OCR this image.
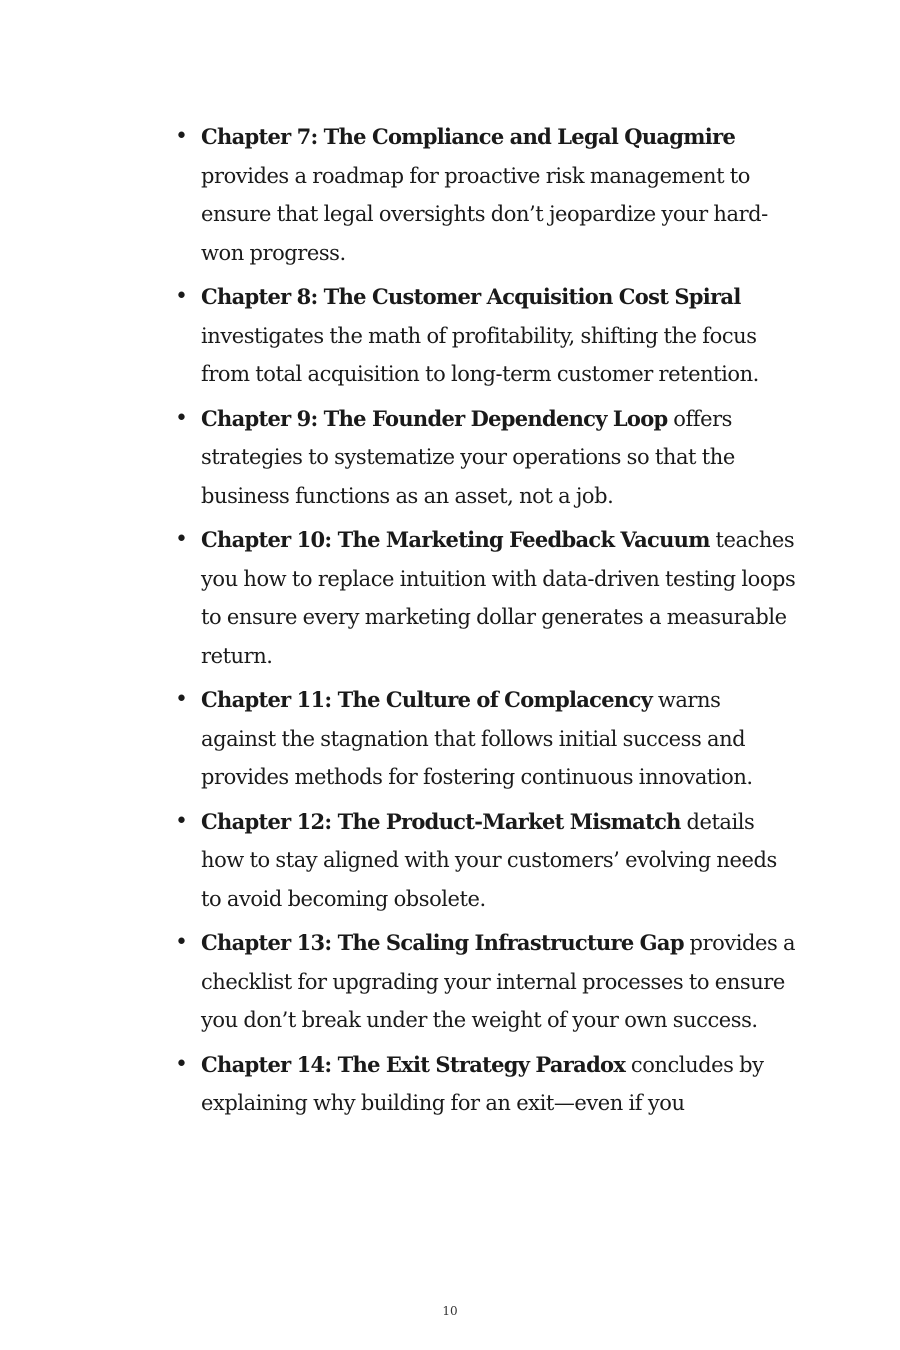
• Chapter 7: The Compliance and Legal Quagmire provides a roadmap for proactive risk management to ensure that legal oversights don’t jeopardize your hard-won progress.
• Chapter 8: The Customer Acquisition Cost Spiral investigates the math of profitability, shifting the focus from total acquisition to long-term customer retention.
• Chapter 9: The Founder Dependency Loop offers strategies to systematize your operations so that the business functions as an asset, not a job.
• Chapter 10: The Marketing Feedback Vacuum teaches you how to replace intuition with data-driven testing loops to ensure every marketing dollar generates a measurable return.
• Chapter 11: The Culture of Complacency warns against the stagnation that follows initial success and provides methods for fostering continuous innovation.
• Chapter 12: The Product-Market Mismatch details how to stay aligned with your customers’ evolving needs to avoid becoming obsolete.
• Chapter 13: The Scaling Infrastructure Gap provides a checklist for upgrading your internal processes to ensure you don’t break under the weight of your own success.
• Chapter 14: The Exit Strategy Paradox concludes by explaining why building for an exit—even if you
10
